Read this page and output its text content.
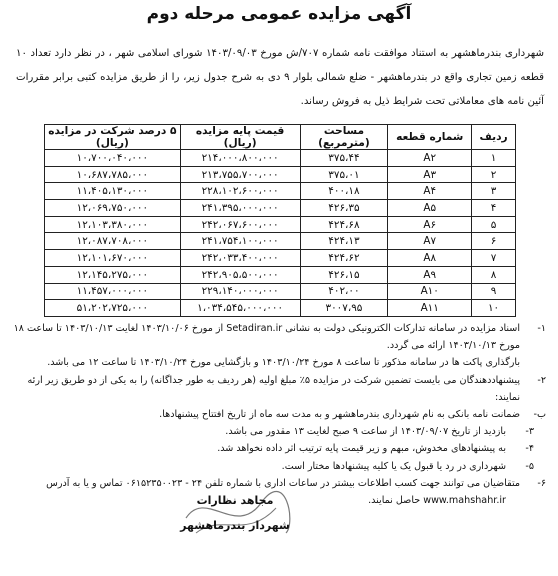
آگهی مزایده عمومی مرحله دوم
شهرداری بندرماهشهر به استناد موافقت نامه شماره ۷۰۷/ش مورخ ۱۴۰۳/۰۹/۰۳ شورای اسلامی شهر ، در نظر دارد تعداد ۱۰ قطعه زمین تجاری واقع در بندرماهشهر - ضلع شمالی بلوار ۹ دی به شرح جدول زیر، را از طریق مزایده کتبی برابر مقررات آئین نامه های معاملاتی تحت شرایط ذیل به فروش رساند.
ردیف	شماره قطعه	مساحت (مترمربع)	قیمت پایه مزایده (ریال)	۵ درصد شرکت در مزایده (ریال)
۱	A۲	۳۷۵،۴۴	۲۱۴،۰۰۰،۸۰۰،۰۰۰	۱۰،۷۰۰،۰۴۰،۰۰۰
۲	A۳	۳۷۵،۰۱	۲۱۳،۷۵۵،۷۰۰،۰۰۰	۱۰،۶۸۷،۷۸۵،۰۰۰
۳	A۴	۴۰۰،۱۸	۲۲۸،۱۰۲،۶۰۰،۰۰۰	۱۱،۴۰۵،۱۳۰،۰۰۰
۴	A۵	۴۲۶،۳۵	۲۴۱،۳۹۵،۰۰۰،۰۰۰	۱۲،۰۶۹،۷۵۰،۰۰۰
۵	A۶	۴۲۴،۶۸	۲۴۲،۰۶۷،۶۰۰،۰۰۰	۱۲،۱۰۳،۳۸۰،۰۰۰
۶	A۷	۴۲۴،۱۳	۲۴۱،۷۵۴،۱۰۰،۰۰۰	۱۲،۰۸۷،۷۰۸،۰۰۰
۷	A۸	۴۲۴،۶۲	۲۴۲،۰۳۳،۴۰۰،۰۰۰	۱۲،۱۰۱،۶۷۰،۰۰۰
۸	A۹	۴۲۶،۱۵	۲۴۲،۹۰۵،۵۰۰،۰۰۰	۱۲،۱۴۵،۲۷۵،۰۰۰
۹	A۱۰	۴۰۲،۰۰	۲۲۹،۱۴۰،۰۰۰،۰۰۰	۱۱،۴۵۷،۰۰۰،۰۰۰
۱۰	A۱۱	۳۰۰۷،۹۵	۱،۰۳۴،۵۴۵،۰۰۰،۰۰۰	۵۱،۲۰۲،۷۲۵،۰۰۰
۱-
اسناد مزایده در سامانه تدارکات الکترونیکی دولت به نشانی Setadiran.ir از مورخ ۱۴۰۳/۱۰/۰۶ لغایت ۱۴۰۳/۱۰/۱۳ تا ساعت ۱۸ مورخ ۱۴۰۳/۱۰/۱۳ ارائه می گردد.
بارگذاری پاکت ها در سامانه مذکور تا ساعت ۸ مورخ ۱۴۰۳/۱۰/۲۴ و بازگشایی مورخ ۱۴۰۳/۱۰/۲۴ تا ساعت ۱۲ می باشد.
۲-
پیشنهاددهندگان می بایست تضمین شرکت در مزایده ۵٪ مبلغ اولیه (هر ردیف به طور جداگانه) را به یکی از دو طریق زیر ارئه نمایند:
ب-
ضمانت نامه بانکی به نام شهرداری بندرماهشهر و به مدت سه ماه از تاریخ افتتاح پیشنهادها.
۳-
بازدید از تاریخ ۱۴۰۳/۰۹/۰۷ از ساعت ۹ صبح لغایت ۱۳ مقدور می باشد.
۴-
به پیشنهادهای مخدوش، مبهم و زیر قیمت پایه ترتیب اثر داده نخواهد شد.
۵-
شهرداری در رد یا قبول یک یا کلیه پیشنهادها مختار است.
۶-
متقاضیان می توانند جهت کسب اطلاعات بیشتر در ساعات اداری با شماره تلفن ۲۴ - ۰۶۱۵۲۳۵۰۰۲۳ تماس و یا به آدرس
www.mahshahr.ir حاصل نمایند.
مجاهد نظارات
شهردار بندرماهشهر
